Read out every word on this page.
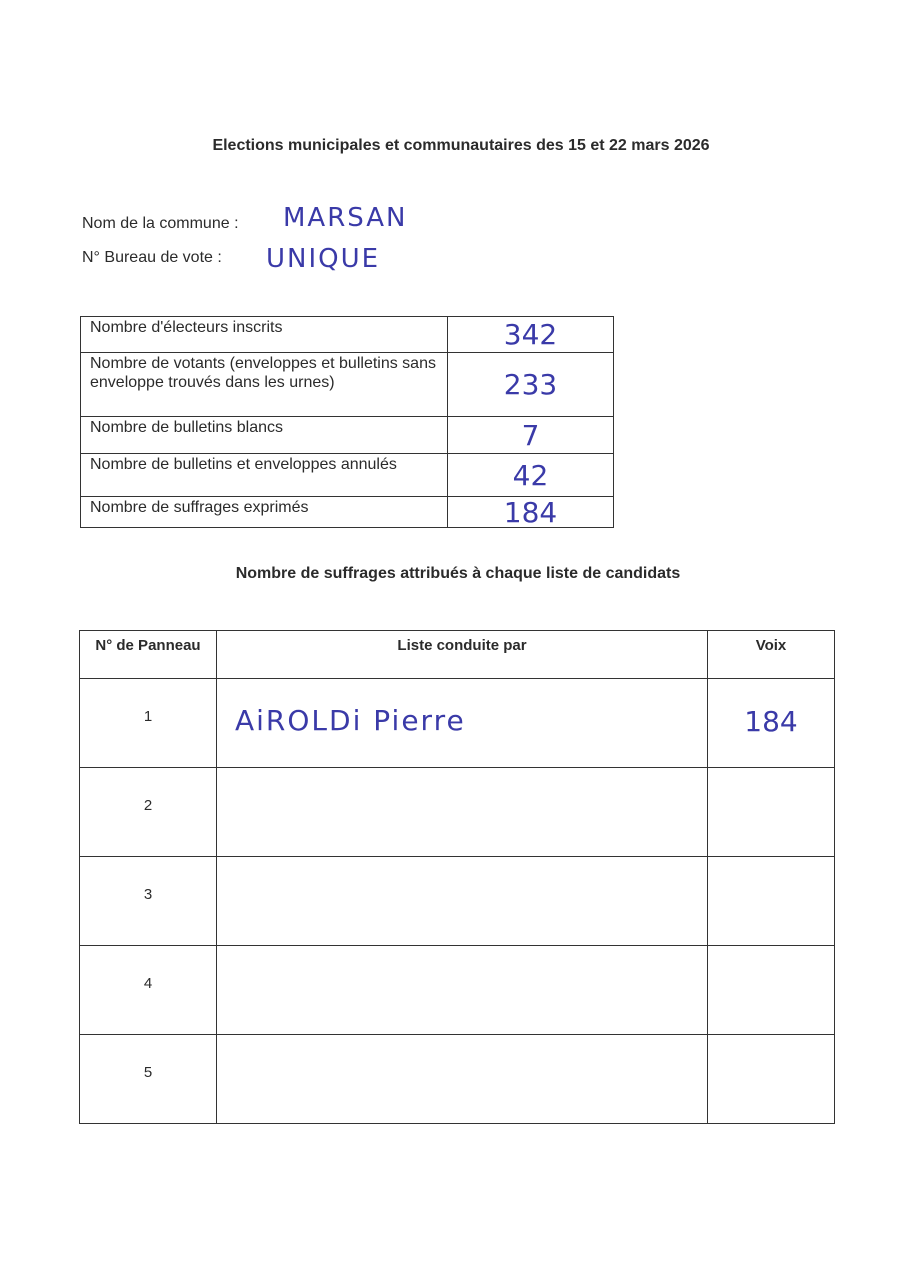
Elections municipales et communautaires des 15 et 22 mars 2026
Nom de la commune : MARSAN
N° Bureau de vote : UNIQUE
Nombre d'électeurs inscrits	342
Nombre de votants (enveloppes et bulletins sans enveloppe trouvés dans les urnes)	233
Nombre de bulletins blancs	7
Nombre de bulletins et enveloppes annulés	42
Nombre de suffrages exprimés	184
Nombre de suffrages attribués à chaque liste de candidats
N° de Panneau	Liste conduite par	Voix
1	AiROLDi Pierre	184
2		
3		
4		
5		
